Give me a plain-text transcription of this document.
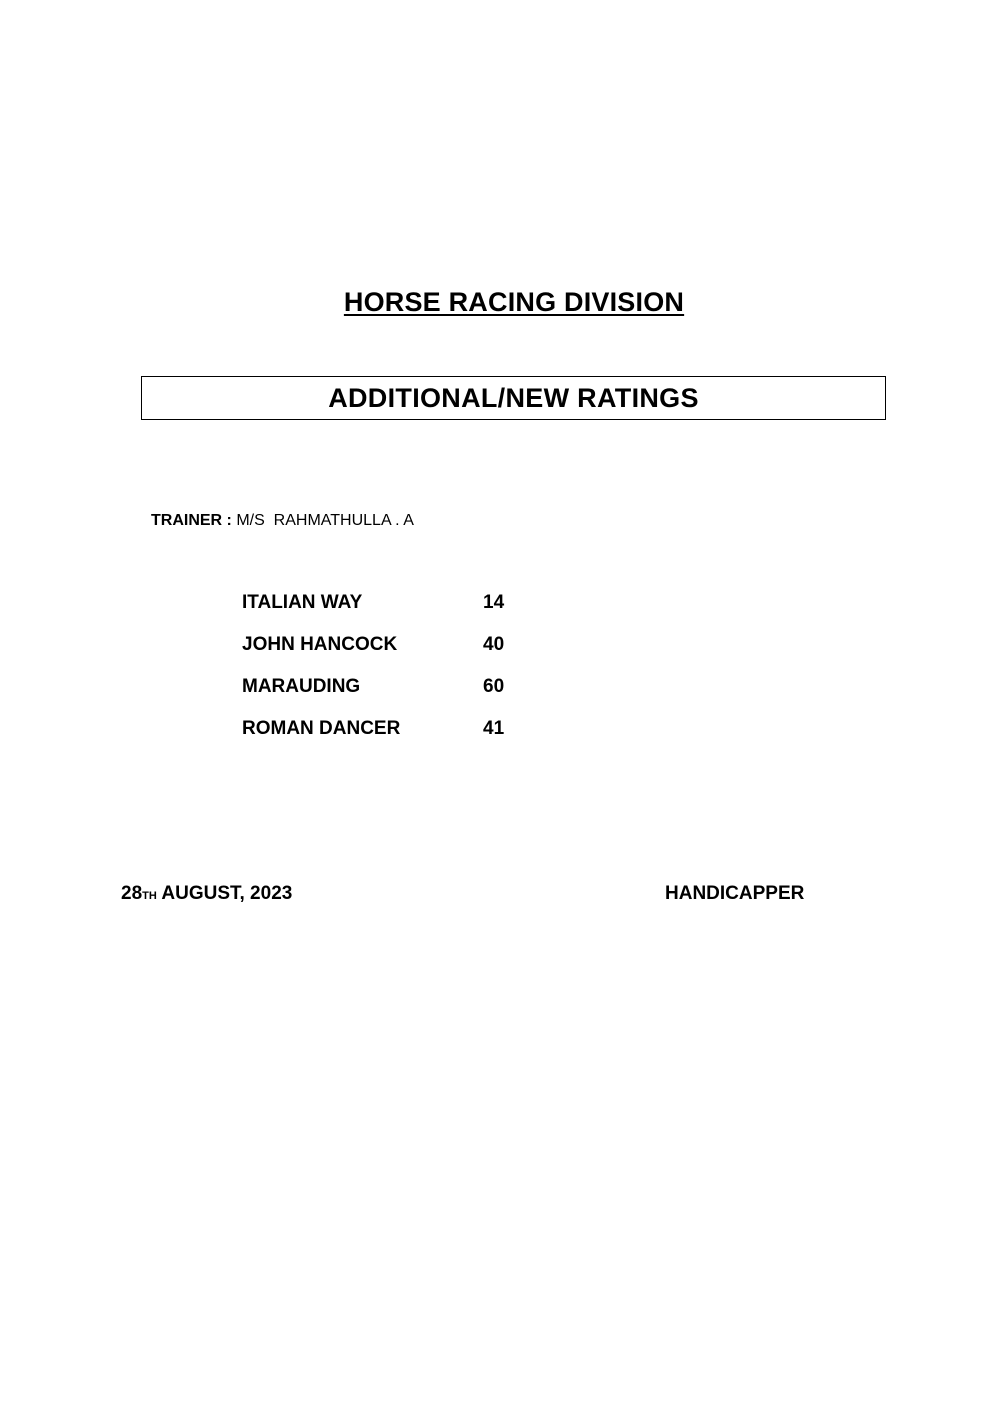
HORSE RACING DIVISION
ADDITIONAL/NEW RATINGS
TRAINER : M/S  RAHMATHULLA . A
ITALIAN WAY	14
JOHN HANCOCK	40
MARAUDING	60
ROMAN DANCER	41
28TH AUGUST, 2023	HANDICAPPER
